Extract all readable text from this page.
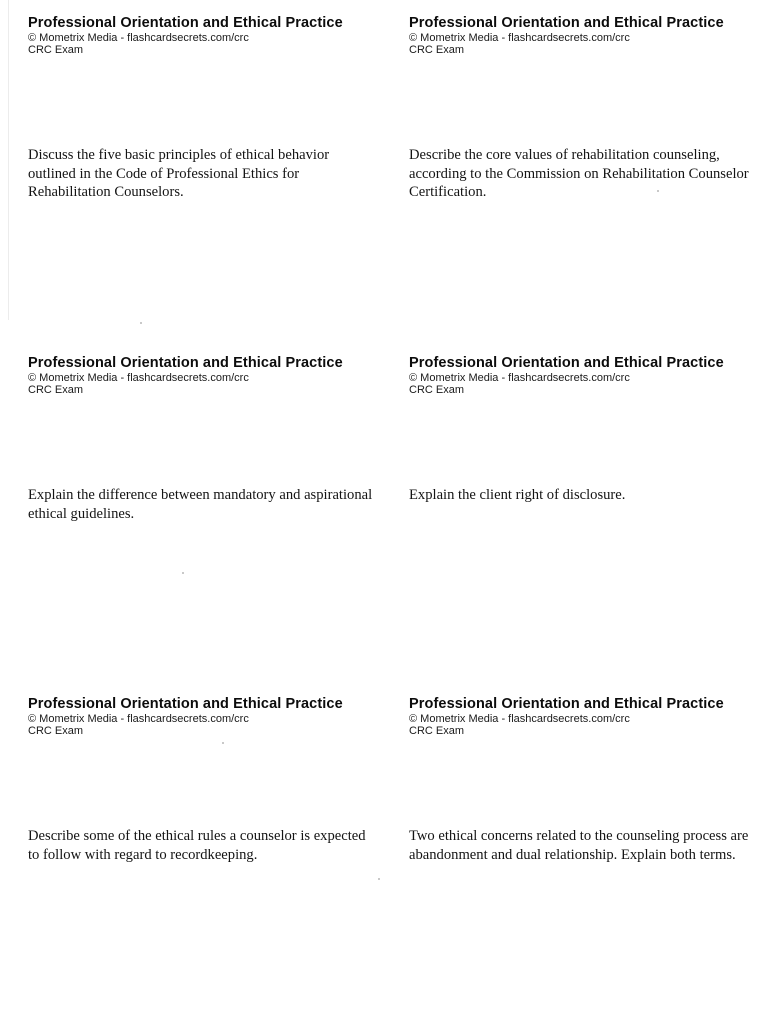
Professional Orientation and Ethical Practice

© Mometrix Media - flashcardsecrets.com/crc

CRC Exam

Discuss the five basic principles of ethical behavior outlined in the Code of Professional Ethics for Rehabilitation Counselors.

Professional Orientation and Ethical Practice

© Mometrix Media - flashcardsecrets.com/crc

CRC Exam

Describe the core values of rehabilitation counseling, according to the Commission on Rehabilitation Counselor Certification.

Professional Orientation and Ethical Practice

© Mometrix Media - flashcardsecrets.com/crc

CRC Exam

Explain the difference between mandatory and aspirational ethical guidelines.

Professional Orientation and Ethical Practice

© Mometrix Media - flashcardsecrets.com/crc

CRC Exam

Explain the client right of disclosure.

Professional Orientation and Ethical Practice

© Mometrix Media - flashcardsecrets.com/crc

CRC Exam

Describe some of the ethical rules a counselor is expected to follow with regard to recordkeeping.

Professional Orientation and Ethical Practice

© Mometrix Media - flashcardsecrets.com/crc

CRC Exam

Two ethical concerns related to the counseling process are abandonment and dual relationship. Explain both terms.
